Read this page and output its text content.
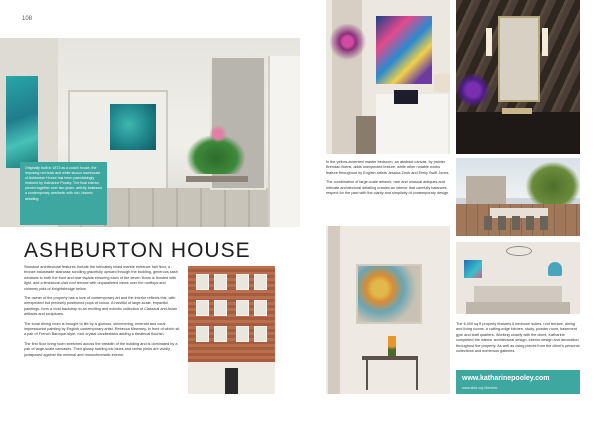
108
Originally built in 1873 as a coach house, the imposing red brick and white stucco townhouse of Ashburton House has been painstakingly restored by Katharine Pooley. The final interior, pieced together over two years, artfully balances a contemporary aesthetic with rich, historic detailing
ASHBURTON HOUSE

Standout architectural features include the intricately inlaid marble entrance hall floor, a bronze balustrade staircase scrolling gracefully upward through the building, generous sash windows to both the front and rear façade ensuring each of the seven floors is flooded with light, and a limestone-clad roof terrace with unparalleled views over the rooftops and chimney pots of Knightsbridge below.

The owner of the property has a love of contemporary art and the interior reflects this, with unexpected but precisely positioned pops of colour. A handful of large-scale, impactful paintings, form a vivid backdrop to an exciting and eclectic collection of Classical and Asian artifacts and sculptures.

The tonal dining room is brought to life by a glorious, shimmering, emerald and coral impressionist painting by English contemporary artist, Rebecca Mewmey, in front of which sit a pair of French Baroque-style, rock crystal candlesticks adding a theatrical flourish.

The first floor living room stretches across the breadth of the building and is dominated by a pair of large-scale canvases. Their glossy swirling ink blues and cerise pinks are vividly juxtaposed against the minimal and monochromatic interior.

In the yellow-accented master bedroom, an abstract canvas, by painter Brendan Burns, adds unexpected texture, while other notable works feature throughout by English artists Jessica Zoob and Emily Swift Jones.

The combination of large-scale artwork, rare and unusual antiques and intricate architectural detailing creates an interior that carefully balances respect for the past with the clarity and simplicity of contemporary design.

The 6,000 sq ft property features 6 bedroom suites, roof terrace, dining and living rooms, a cutting-edge kitchen, study, powder room, basement gym and staff quarters. Working closely with the client, Katharine completed the interior architectural design, interior design and decoration throughout the property. As well as using pieces from the client's personal collections and numerous galleries.

www.katharinepooley.com
www.sbid.org Member
